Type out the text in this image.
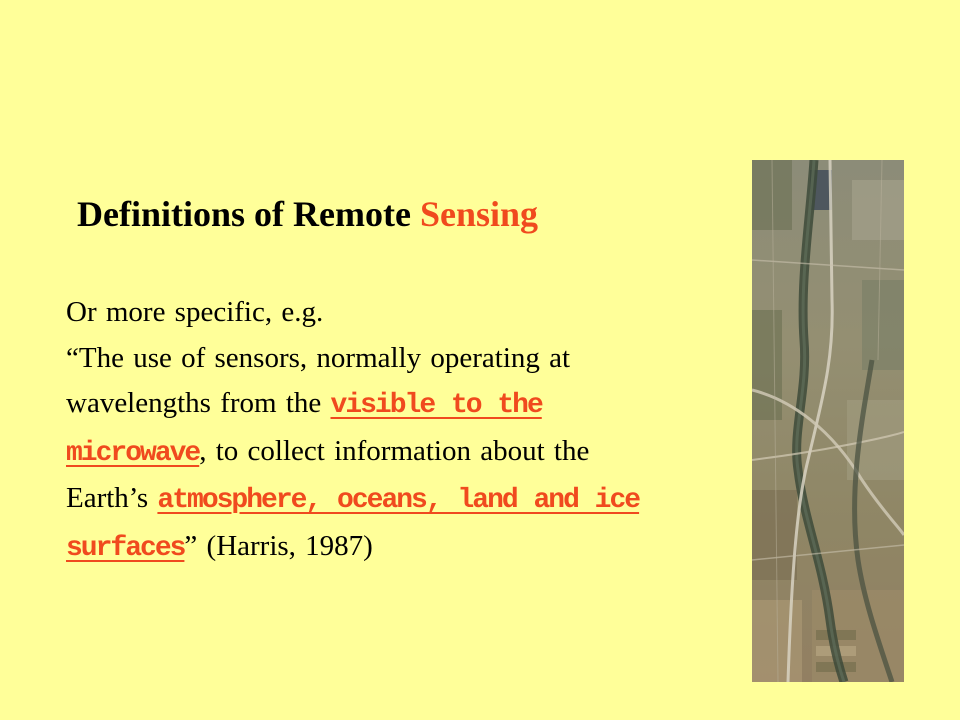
Definitions of Remote Sensing
Or more specific, e.g.
“The use of sensors, normally operating at
wavelengths from the visible to the
microwave, to collect information about the
Earth’s atmosphere, oceans, land and ice
surfaces” (Harris, 1987)
